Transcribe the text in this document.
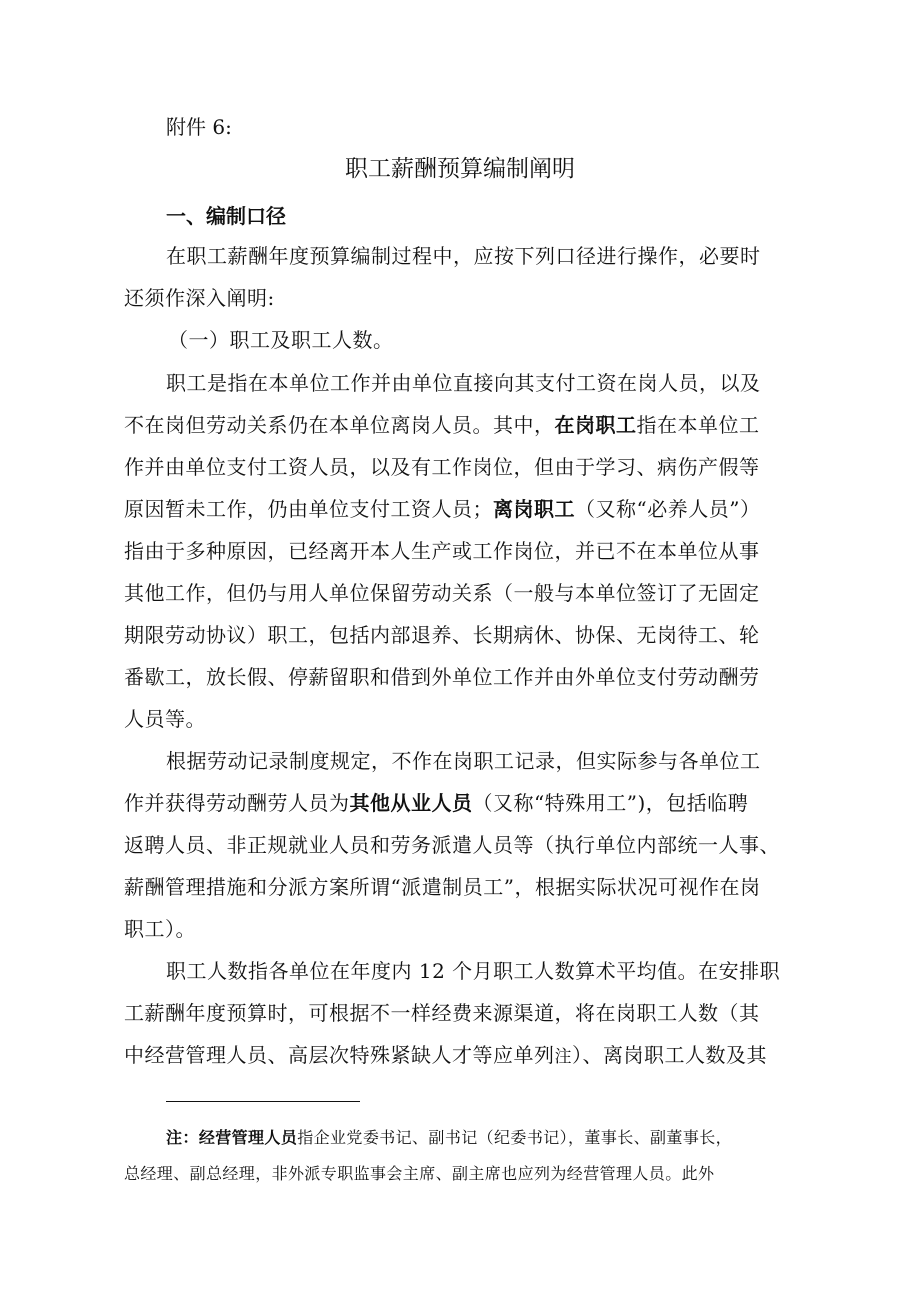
附件 6:
职工薪酬预算编制阐明
一、编制口径
在职工薪酬年度预算编制过程中，应按下列口径进行操作，必要时
还须作深入阐明:
（一）职工及职工人数。
职工是指在本单位工作并由单位直接向其支付工资在岗人员，以及
不在岗但劳动关系仍在本单位离岗人员。其中，在岗职工指在本单位工
作并由单位支付工资人员，以及有工作岗位，但由于学习、病伤产假等
原因暂未工作，仍由单位支付工资人员；离岗职工（又称“必养人员”）
指由于多种原因，已经离开本人生产或工作岗位，并已不在本单位从事
其他工作，但仍与用人单位保留劳动关系（一般与本单位签订了无固定
期限劳动协议）职工，包括内部退养、长期病休、协保、无岗待工、轮
番歇工，放长假、停薪留职和借到外单位工作并由外单位支付劳动酬劳
人员等。
根据劳动记录制度规定，不作在岗职工记录，但实际参与各单位工
作并获得劳动酬劳人员为其他从业人员（又称“特殊用工”)，包括临聘
返聘人员、非正规就业人员和劳务派遣人员等（执行单位内部统一人事、
薪酬管理措施和分派方案所谓“派遣制员工”，根据实际状况可视作在岗
职工）。
职工人数指各单位在年度内 12 个月职工人数算术平均值。在安排职
工薪酬年度预算时，可根据不一样经费来源渠道，将在岗职工人数（其
中经营管理人员、高层次特殊紧缺人才等应单列注）、离岗职工人数及其
注：经营管理人员指企业党委书记、副书记（纪委书记），董事长、副董事长，
总经理、副总经理，非外派专职监事会主席、副主席也应列为经营管理人员。此外
